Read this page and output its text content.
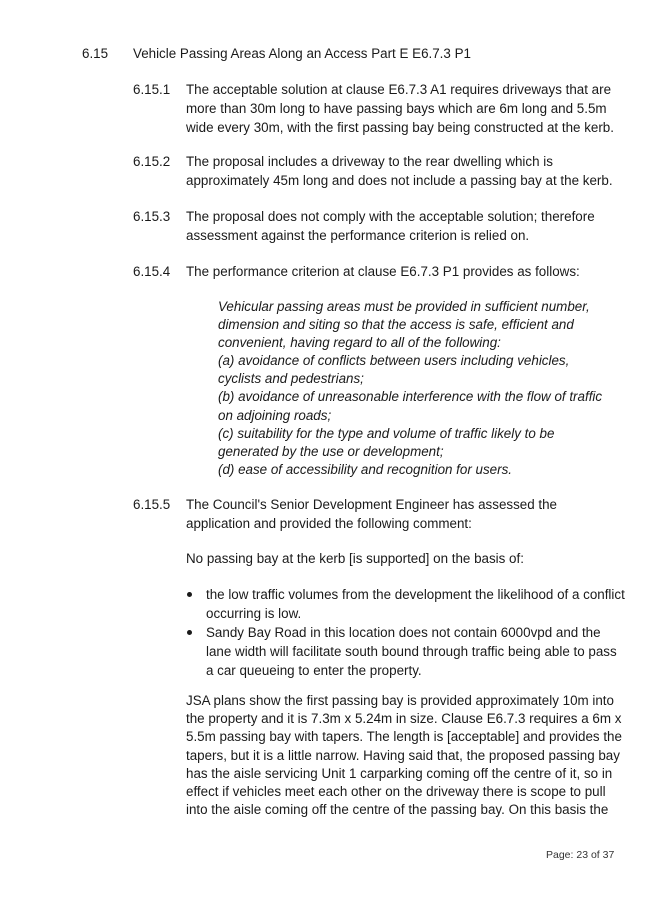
6.15 Vehicle Passing Areas Along an Access Part E E6.7.3 P1

6.15.1 The acceptable solution at clause E6.7.3 A1 requires driveways that are
more than 30m long to have passing bays which are 6m long and 5.5m
wide every 30m, with the first passing bay being constructed at the kerb.

6.15.2 The proposal includes a driveway to the rear dwelling which is
approximately 45m long and does not include a passing bay at the kerb.

6.15.3 The proposal does not comply with the acceptable solution; therefore
assessment against the performance criterion is relied on.

6.15.4 The performance criterion at clause E6.7.3 P1 provides as follows:

Vehicular passing areas must be provided in sufficient number,
dimension and siting so that the access is safe, efficient and
convenient, having regard to all of the following:
(a) avoidance of conflicts between users including vehicles,
cyclists and pedestrians;
(b) avoidance of unreasonable interference with the flow of traffic
on adjoining roads;
(c) suitability for the type and volume of traffic likely to be
generated by the use or development;
(d) ease of accessibility and recognition for users.

6.15.5 The Council's Senior Development Engineer has assessed the
application and provided the following comment:

No passing bay at the kerb [is supported] on the basis of:

the low traffic volumes from the development the likelihood of a conflict
occurring is low.
Sandy Bay Road in this location does not contain 6000vpd and the
lane width will facilitate south bound through traffic being able to pass
a car queueing to enter the property.

JSA plans show the first passing bay is provided approximately 10m into
the property and it is 7.3m x 5.24m in size. Clause E6.7.3 requires a 6m x
5.5m passing bay with tapers. The length is [acceptable] and provides the
tapers, but it is a little narrow. Having said that, the proposed passing bay
has the aisle servicing Unit 1 carparking coming off the centre of it, so in
effect if vehicles meet each other on the driveway there is scope to pull
into the aisle coming off the centre of the passing bay. On this basis the

Page: 23 of 37
